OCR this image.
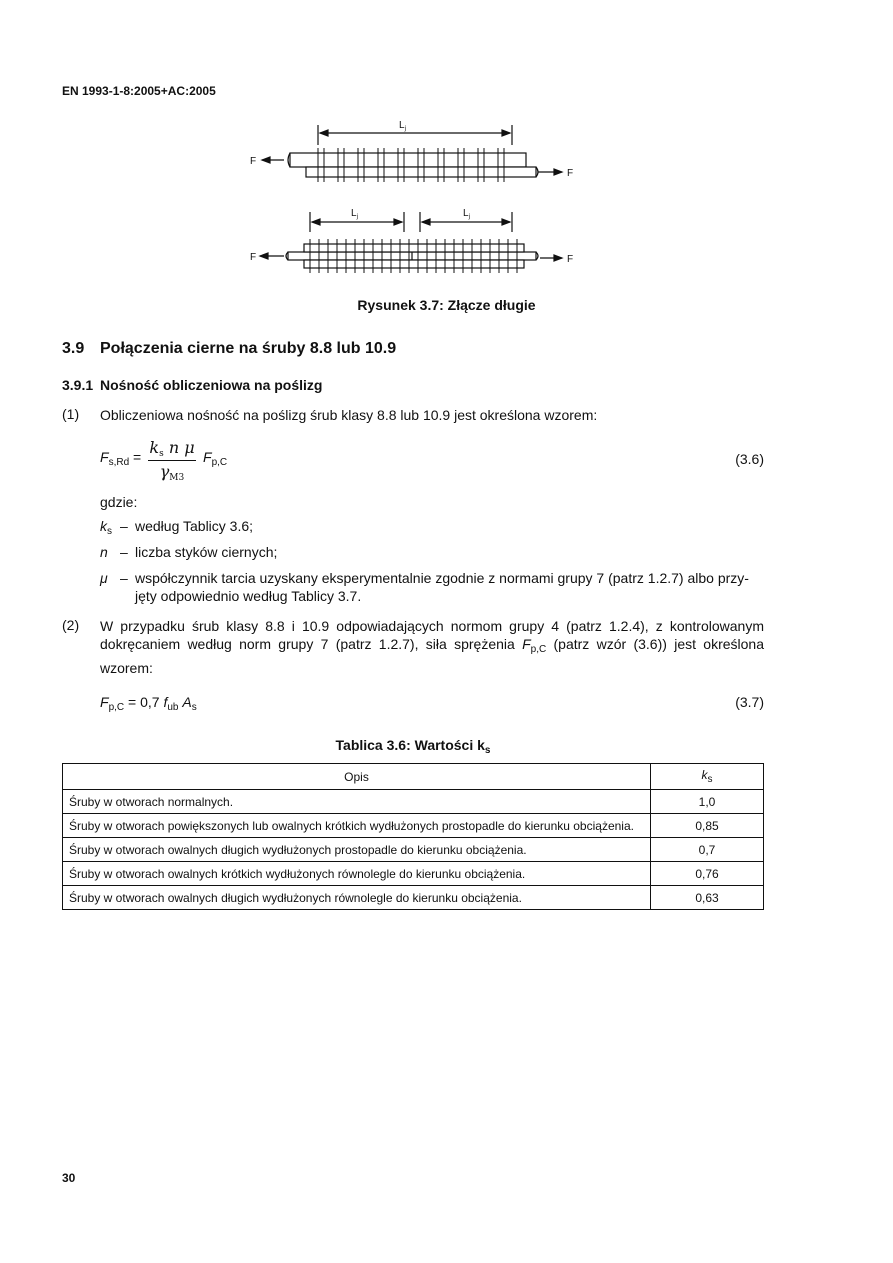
EN 1993-1-8:2005+AC:2005
F
F
F	F
$L_j$
$L_j$	$L_j$
Rysunek 3.7: Złącze długie
3.9 Połączenia cierne na śruby 8.8 lub 10.9
3.9.1 Nośność obliczeniowa na poślizg
(1) Obliczeniowa nośność na poślizg śrub klasy 8.8 lub 10.9 jest określona wzorem:
$F_{s,Rd} = k_s$ n μ
$\gamma_{M3}$
$F_{p,C}$	(3.6)
gdzie:
$k_s$ – według Tablicy 3.6;
n – liczba styków ciernych;
μ – współczynnik tarcia uzyskany eksperymentalnie zgodnie z normami grupy 7 (patrz 1.2.7) albo przy-
jęty odpowiednio według Tablicy 3.7.
(2) W przypadku śrub klasy 8.8 i 10.9 odpowiadających normom grupy 4 (patrz 1.2.4), z kontrolowanym dokręcaniem według norm grupy 7 (patrz 1.2.7), siła sprężenia $F_{p,C}$ (patrz wzór (3.6)) jest określona wzorem:
$F_{p,C} = 0,7$ $f_{ub}$ $A_s$	(3.7)
Tablica 3.6: Wartości $k_s$
Opis	$k_s$
Śruby w otworach normalnych.	1,0
Śruby w otworach powiększonych lub owalnych krótkich wydłużonych prostopadle do kierunku obciążenia.	0,85
Śruby w otworach owalnych długich wydłużonych prostopadle do kierunku obciążenia.	0,7
Śruby w otworach owalnych krótkich wydłużonych równolegle do kierunku obciążenia.	0,76
Śruby w otworach owalnych długich wydłużonych równolegle do kierunku obciążenia.	0,63
30
